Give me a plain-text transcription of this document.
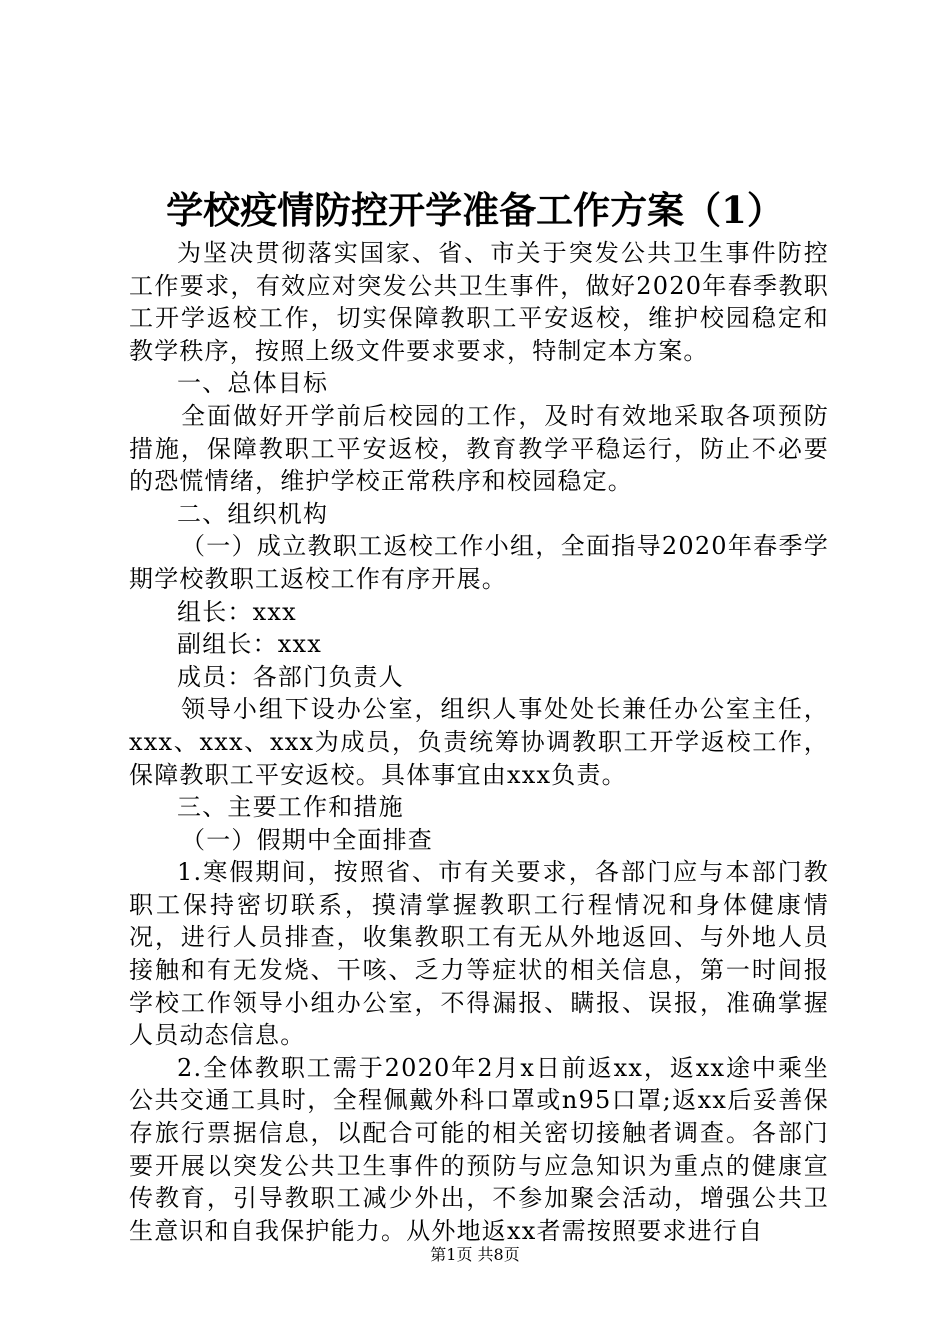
学校疫情防控开学准备工作方案（1）

为坚决贯彻落实国家、省、市关于突发公共卫生事件防控工作要求，有效应对突发公共卫生事件，做好2020年春季教职工开学返校工作，切实保障教职工平安返校，维护校园稳定和教学秩序，按照上级文件要求要求，特制定本方案。

一、总体目标

全面做好开学前后校园的工作，及时有效地采取各项预防措施，保障教职工平安返校，教育教学平稳运行，防止不必要的恐慌情绪，维护学校正常秩序和校园稳定。

二、组织机构

（一）成立教职工返校工作小组，全面指导2020年春季学期学校教职工返校工作有序开展。

组长：xxx

副组长：xxx

成员：各部门负责人

领导小组下设办公室，组织人事处处长兼任办公室主任，xxx、xxx、xxx为成员，负责统筹协调教职工开学返校工作，保障教职工平安返校。具体事宜由xxx负责。

三、主要工作和措施

（一）假期中全面排查

1.寒假期间，按照省、市有关要求，各部门应与本部门教职工保持密切联系，摸清掌握教职工行程情况和身体健康情况，进行人员排查，收集教职工有无从外地返回、与外地人员接触和有无发烧、干咳、乏力等症状的相关信息，第一时间报学校工作领导小组办公室，不得漏报、瞒报、误报，准确掌握人员动态信息。

2.全体教职工需于2020年2月x日前返xx，返xx途中乘坐公共交通工具时，全程佩戴外科口罩或n95口罩;返xx后妥善保存旅行票据信息，以配合可能的相关密切接触者调查。各部门要开展以突发公共卫生事件的预防与应急知识为重点的健康宣传教育，引导教职工减少外出，不参加聚会活动，增强公共卫生意识和自我保护能力。从外地返xx者需按照要求进行自

第1页 共8页
